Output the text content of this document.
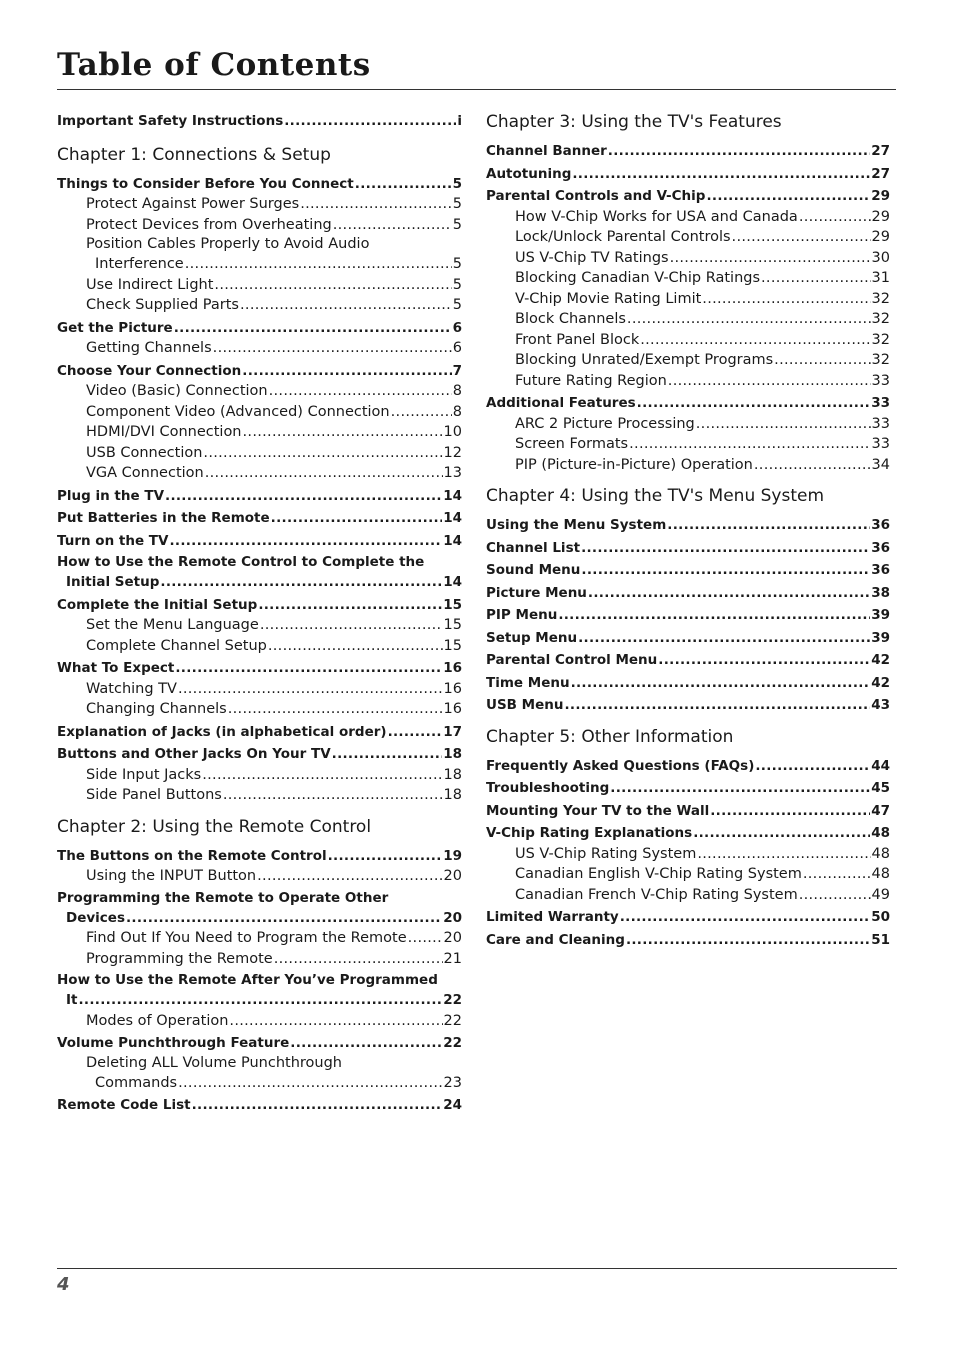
Table of Contents
Important Safety Instructions .....	i
Chapter 1: Connections & Setup
Things to Consider Before You Connect .....	5
Protect Against Power Surges .....	5
Protect Devices from Overheating .....	5
Position Cables Properly to Avoid Audio
Interference .....	5
Use Indirect Light .....	5
Check Supplied Parts .....	5
Get the Picture .....	6
Getting Channels .....	6
Choose Your Connection .....	7
Video (Basic) Connection .....	8
Component Video (Advanced) Connection .....	8
HDMI/DVI Connection .....	10
USB Connection .....	12
VGA Connection .....	13
Plug in the TV .....	14
Put Batteries in the Remote .....	14
Turn on the TV .....	14
How to Use the Remote Control to Complete the
Initial Setup .....	14
Complete the Initial Setup .....	15
Set the Menu Language .....	15
Complete Channel Setup .....	15
What To Expect .....	16
Watching TV .....	16
Changing Channels .....	16
Explanation of Jacks (in alphabetical order) .....	17
Buttons and Other Jacks On Your TV .....	18
Side Input Jacks .....	18
Side Panel Buttons .....	18
Chapter 2: Using the Remote Control
The Buttons on the Remote Control .....	19
Using the INPUT Button .....	20
Programming the Remote to Operate Other
Devices .....	20
Find Out If You Need to Program the Remote .....	20
Programming the Remote .....	21
How to Use the Remote After You’ve Programmed
It .....	22
Modes of Operation .....	22
Volume Punchthrough Feature .....	22
Deleting ALL Volume Punchthrough
Commands .....	23
Remote Code List .....	24
Chapter 3: Using the TV's Features
Channel Banner .....	27
Autotuning .....	27
Parental Controls and V-Chip .....	29
How V-Chip Works for USA and Canada .....	29
Lock/Unlock Parental Controls .....	29
US V-Chip TV Ratings .....	30
Blocking Canadian V-Chip Ratings .....	31
V-Chip Movie Rating Limit .....	32
Block Channels .....	32
Front Panel Block .....	32
Blocking Unrated/Exempt Programs .....	32
Future Rating Region .....	33
Additional Features .....	33
ARC 2 Picture Processing .....	33
Screen Formats .....	33
PIP (Picture-in-Picture) Operation .....	34
Chapter 4: Using the TV's Menu System
Using the Menu System .....	36
Channel List .....	36
Sound Menu .....	36
Picture Menu .....	38
PIP Menu .....	39
Setup Menu .....	39
Parental Control Menu .....	42
Time Menu .....	42
USB Menu .....	43
Chapter 5: Other Information
Frequently Asked Questions (FAQs) .....	44
Troubleshooting .....	45
Mounting Your TV to the Wall .....	47
V-Chip Rating Explanations .....	48
US V-Chip Rating System .....	48
Canadian English V-Chip Rating System .....	48
Canadian French V-Chip Rating System .....	49
Limited Warranty .....	50
Care and Cleaning .....	51
4
